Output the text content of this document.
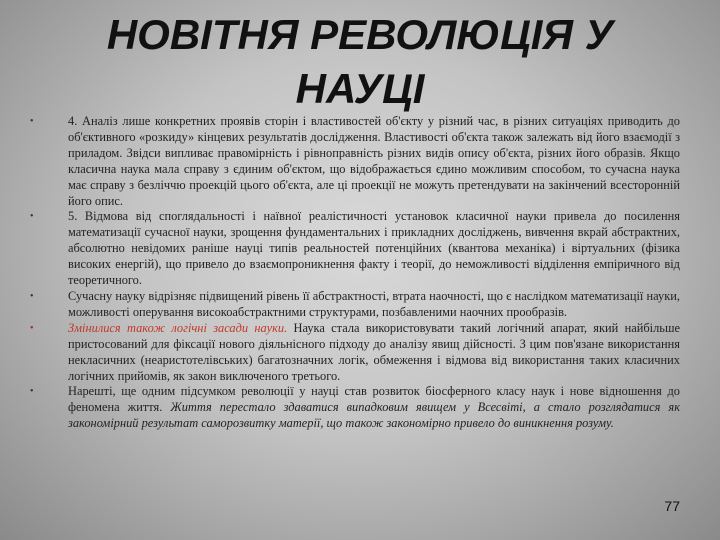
НОВІТНЯ РЕВОЛЮЦІЯ У НАУЦІ
•	4. Аналіз лише конкретних проявів сторін і властивостей об'єкту у різний час, в різних ситуаціях приводить до об'єктивного «розкиду» кінцевих результатів дослідження. Властивості об'єкта також залежать від його взаємодії з приладом. Звідси випливає правомірність і рівноправність різних видів опису об'єкта, різних його образів. Якщо класична наука мала справу з єдиним об'єктом, що відображається єдино можливим способом, то сучасна наука має справу з безліччю проекцій цього об'єкта, але ці проекції не можуть претендувати на закінчений всесторонній його опис.
•	5. Відмова від споглядальності і наївної реалістичності установок класичної науки привела до посилення математизації сучасної науки, зрощення фундаментальних і прикладних досліджень, вивчення вкрай абстрактних, абсолютно невідомих раніше науці типів реальностей потенційних (квантова механіка) і віртуальних (фізика високих енергій), що привело до взаємопроникнення факту і теорії, до неможливості відділення емпіричного від теоретичного.
•	Сучасну науку відрізняє підвищений рівень її абстрактності, втрата наочності, що є наслідком математизації науки, можливості оперування високоабстрактними структурами, позбавленими наочних прообразів.
•	Змінилися також логічні засади науки. Наука стала використовувати такий логічний апарат, який найбільше пристосований для фіксації нового діяльнісного підходу до аналізу явищ дійсності. З цим пов'язане використання некласичних (неаристотелівських) багатозначних логік, обмеження і відмова від використання таких класичних логічних прийомів, як закон виключеного третього.
•	Нарешті, ще одним підсумком революції у науці став розвиток біосферного класу наук і нове відношення до феномена життя. Життя перестало здаватися випадковим явищем у Всесвіті, а стало розглядатися як закономірний результат саморозвитку матерії, що також закономірно привело до виникнення розуму.
77
